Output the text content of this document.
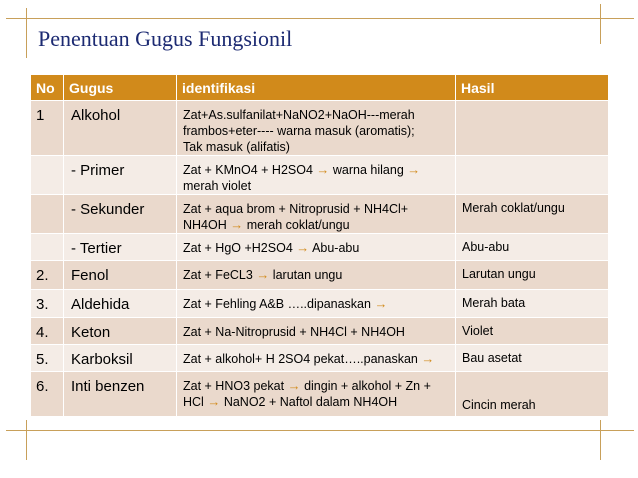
Penentuan Gugus Fungsionil
No	Gugus	identifikasi	Hasil
1	Alkohol	Zat+As.sulfanilat+NaNO2+NaOH---merah
frambos+eter---- warna masuk (aromatis);
Tak masuk (alifatis)	

	- Primer	Zat + KMnO4 + H2SO4 → warna hilang →
merah violet	

	- Sekunder	Zat + aqua brom + Nitroprusid + NH4Cl+
NH4OH → merah coklat/ungu	Merah coklat/ungu
	- Tertier	Zat + HgO +H2SO4 → Abu-abu	Abu-abu
2.	Fenol	Zat + FeCL3 → larutan ungu	Larutan ungu
3.	Aldehida	Zat + Fehling A&B …..dipanaskan →	Merah bata
4.	Keton	Zat + Na-Nitroprusid + NH4Cl + NH4OH	Violet
5.	Karboksil	Zat + alkohol+ H 2SO4 pekat…..panaskan →	Bau asetat
6.	Inti benzen	Zat + HNO3 pekat → dingin + alkohol + Zn +
HCl → NaNO2 + Naftol dalam NH4OH	Cincin merah
